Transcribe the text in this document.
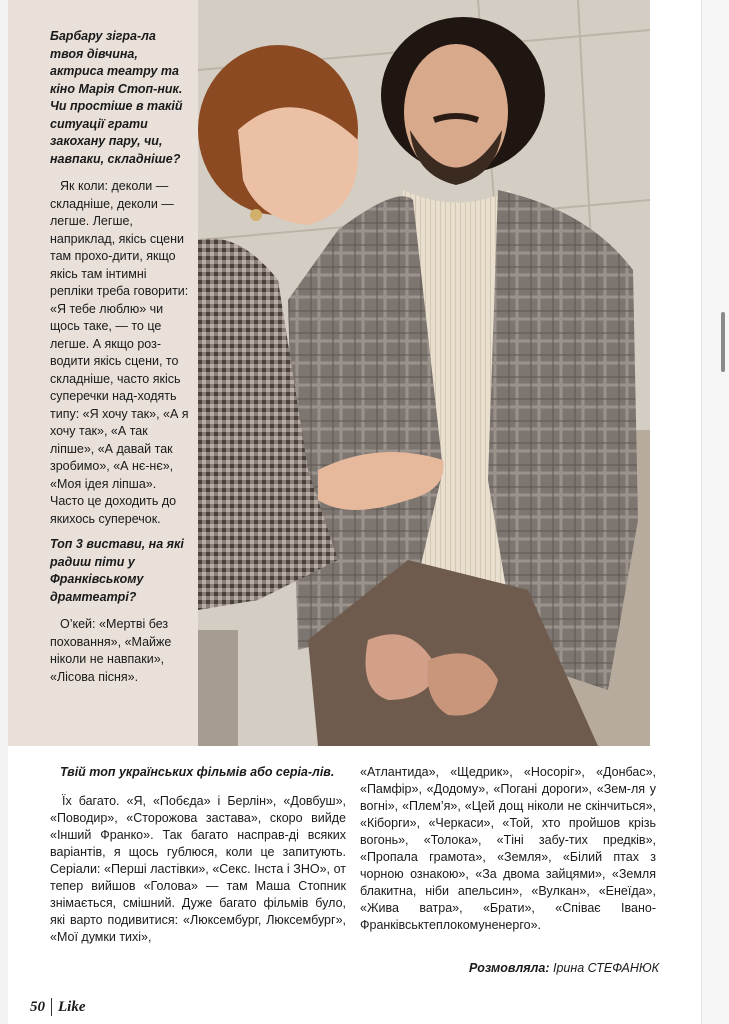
Барбару зігра-ла твоя дівчина, актриса театру та кіно Марія Стоп-ник. Чи простіше в такій ситуації грати закохану пару, чи, навпаки, складніше?

Як коли: деколи — складніше, деколи — легше. Легше, наприклад, якісь сцени там прохо-дити, якщо якісь там інтимні репліки треба говорити: «Я тебе люблю» чи щось таке, — то це легше. А якщо роз-водити якісь сцени, то складніше, часто якісь суперечки над-ходять типу: «Я хочу так», «А я хочу так», «А так ліпше», «А давай так зробимо», «А нє-нє», «Моя ідея ліпша». Часто це доходить до якихось суперечок.

Топ 3 вистави, на які радиш піти у Франківському драмтеатрі?

О’кей: «Мертві без поховання», «Майже ніколи не навпаки», «Лісова пісня».

Твій топ українських фільмів або серіа-лів.

Їх багато. «Я, «Побєда» і Берлін», «Довбуш», «Поводир», «Сторожова застава», скоро вийде «Інший Франко». Так багато насправ-ді всяких варіантів, я щось гублюся, коли це запитують. Серіали: «Перші ластівки», «Секс. Інста і ЗНО», от тепер вийшов «Голова» — там Маша Стопник знімається, смішний. Дуже багато фільмів було, які варто подивитися: «Люксембург, Люксембург», «Мої думки тихі»,

«Атлантида», «Щедрик», «Носоріг», «Донбас», «Памфір», «Додому», «Погані дороги», «Зем-ля у вогні», «Плем’я», «Цей дощ ніколи не скінчиться», «Кіборги», «Черкаси», «Той, хто пройшов крізь вогонь», «Толока», «Тіні забу-тих предків», «Пропала грамота», «Земля», «Білий птах з чорною ознакою», «За двома зайцями», «Земля блакитна, ніби апельсин», «Вулкан», «Енеїда», «Жива ватра», «Брати», «Співає Івано-Франківськтеплокомуненерго».

Розмовляла: Ірина СТЕФАНЮК
50 Like
